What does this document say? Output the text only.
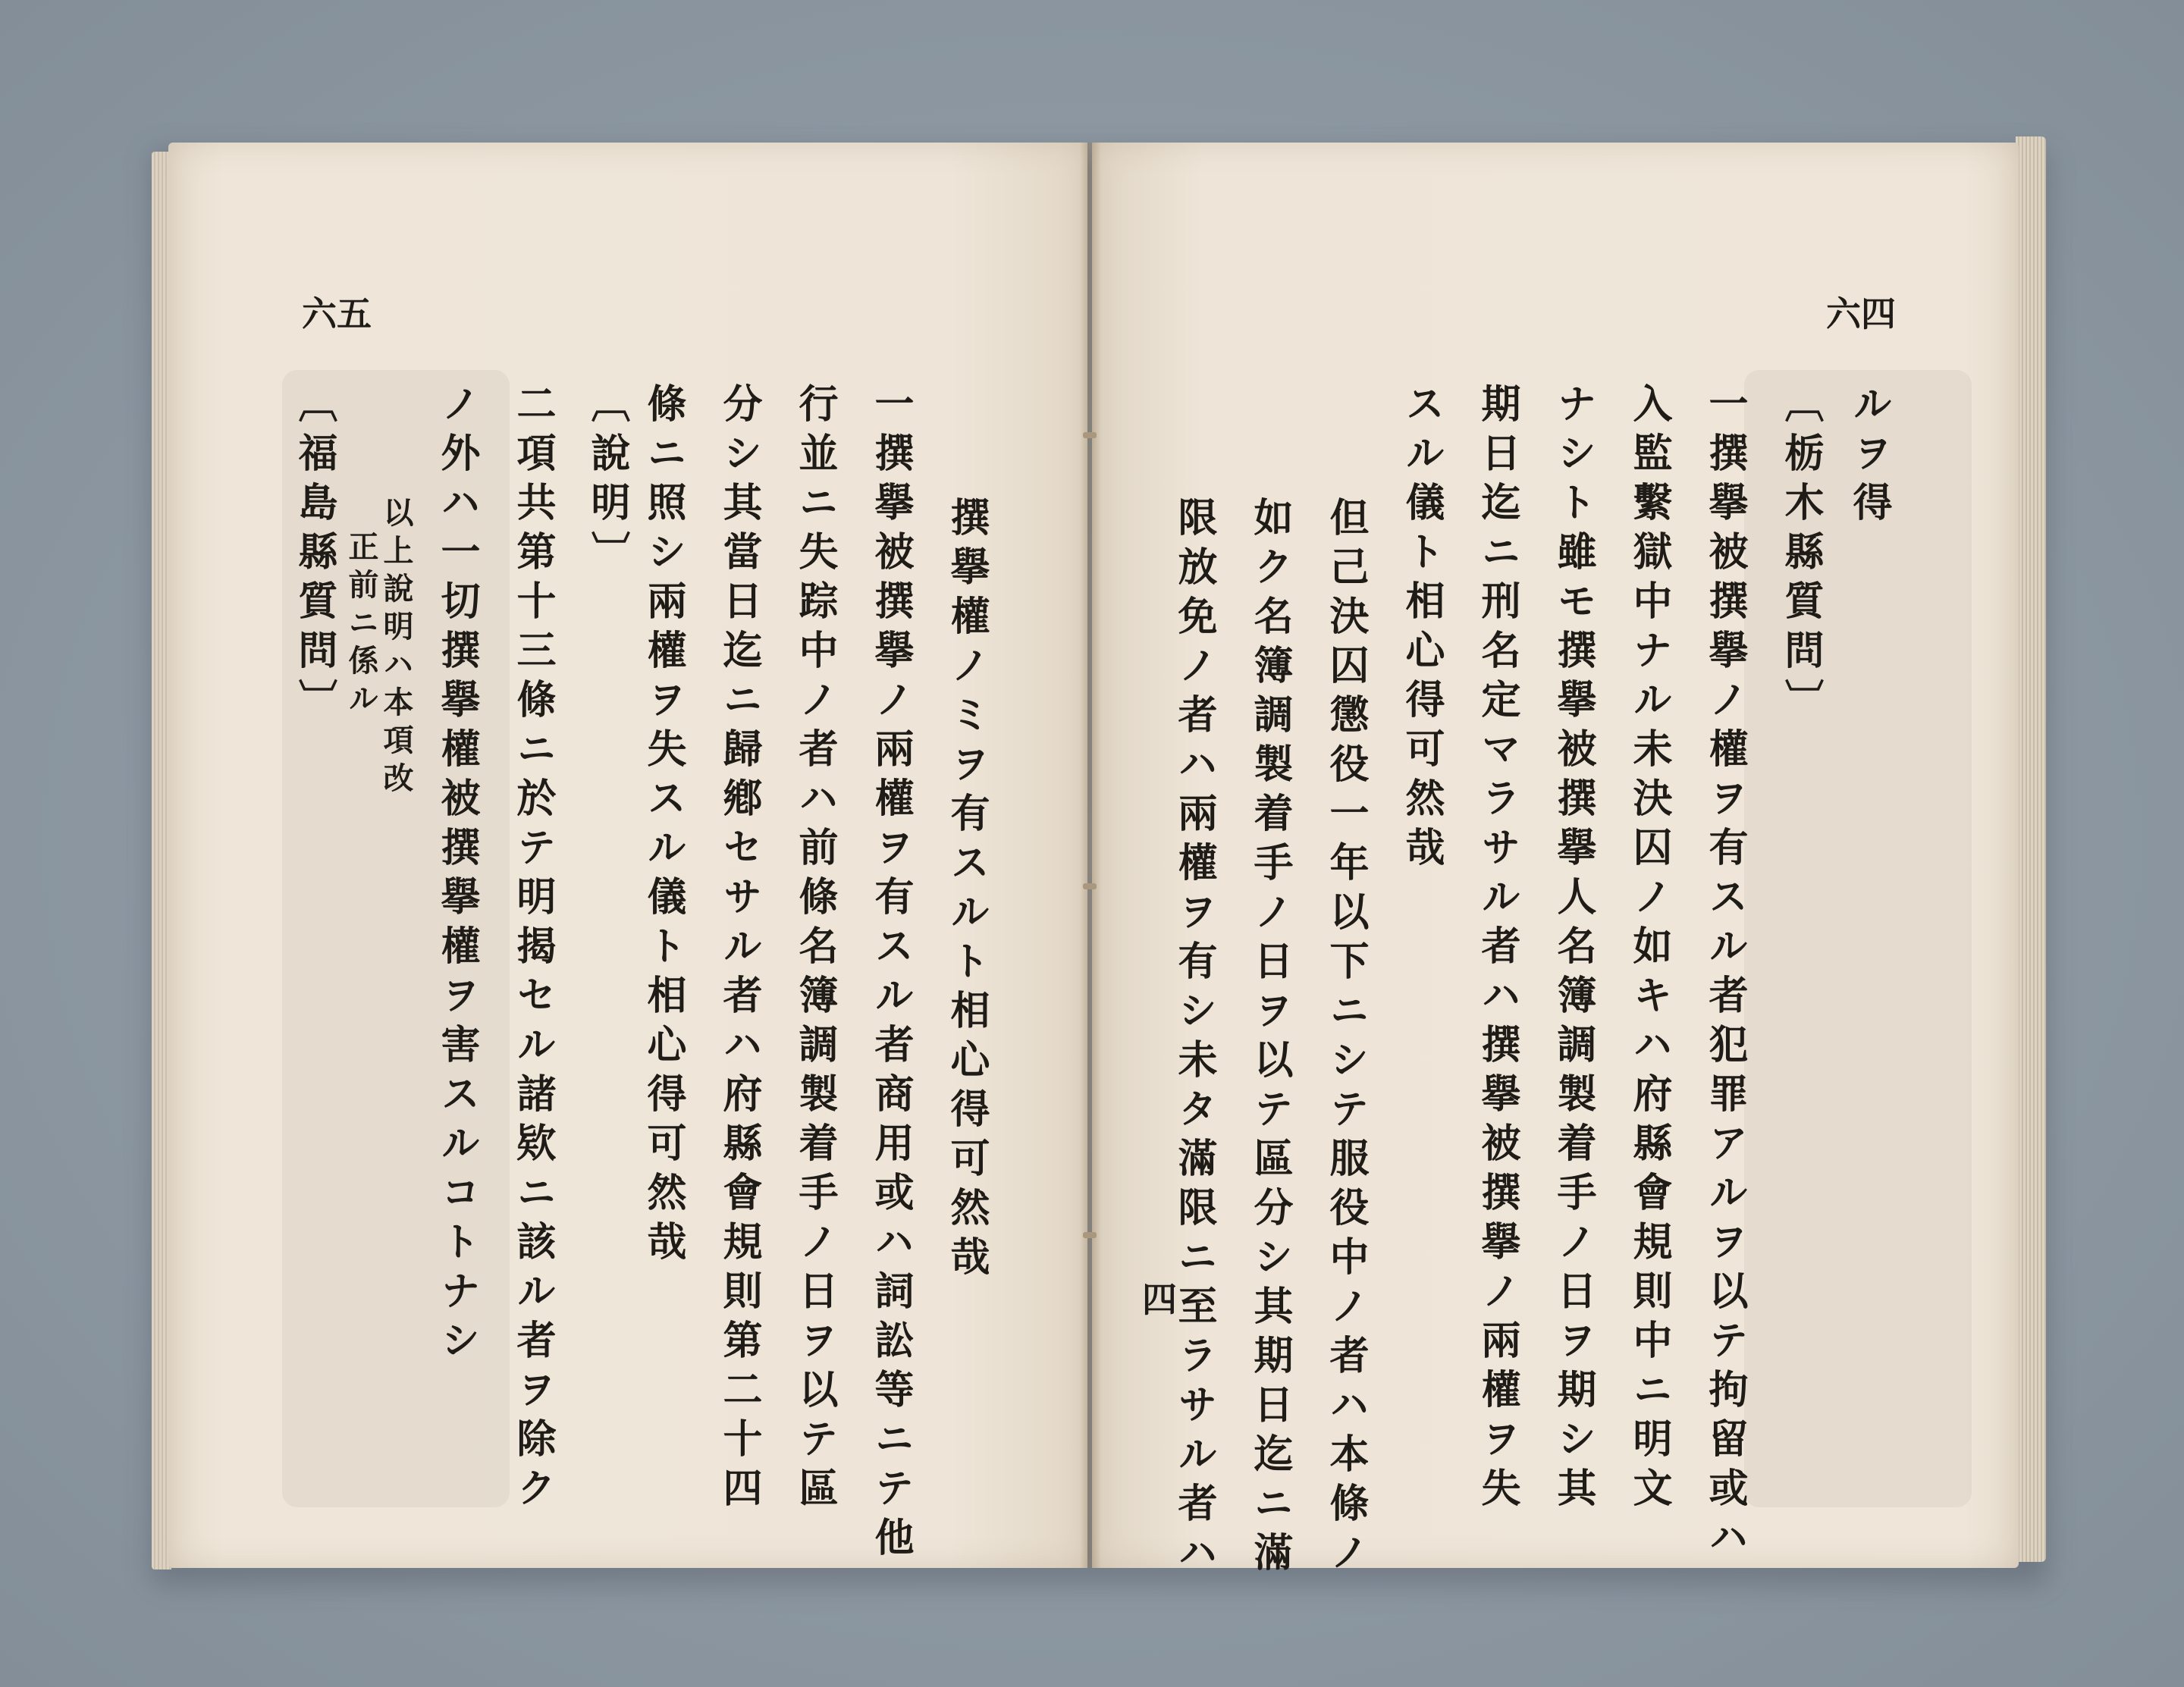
六五
撰擧權ノミヲ有スルト相心得可然哉
一撰擧被撰擧ノ兩權ヲ有スル者商用或ハ詞訟等ニテ他
行並ニ失踪中ノ者ハ前條名簿調製着手ノ日ヲ以テ區
分シ其當日迄ニ歸鄕セサル者ハ府縣會規則第二十四
條ニ照シ兩權ヲ失スル儀ト相心得可然哉
〔說明〕
二項共第十三條ニ於テ明揭セル諸欵ニ該ル者ヲ除ク
ノ外ハ一切撰擧權被撰擧權ヲ害スルコトナシ
以上說明ハ本項改
正前ニ係ル
〔福島縣質問〕
六四
ルヲ得
〔栃木縣質問〕
一撰擧被撰擧ノ權ヲ有スル者犯罪アルヲ以テ拘留或ハ
入監繫獄中ナル未決囚ノ如キハ府縣會規則中ニ明文
ナシト雖モ撰擧被撰擧人名簿調製着手ノ日ヲ期シ其
期日迄ニ刑名定マラサル者ハ撰擧被撰擧ノ兩權ヲ失
スル儀ト相心得可然哉
但己決囚懲役一年以下ニシテ服役中ノ者ハ本條ノ
如ク名簿調製着手ノ日ヲ以テ區分シ其期日迄ニ滿
限放免ノ者ハ兩權ヲ有シ未タ滿限ニ至ラサル者ハ
四
